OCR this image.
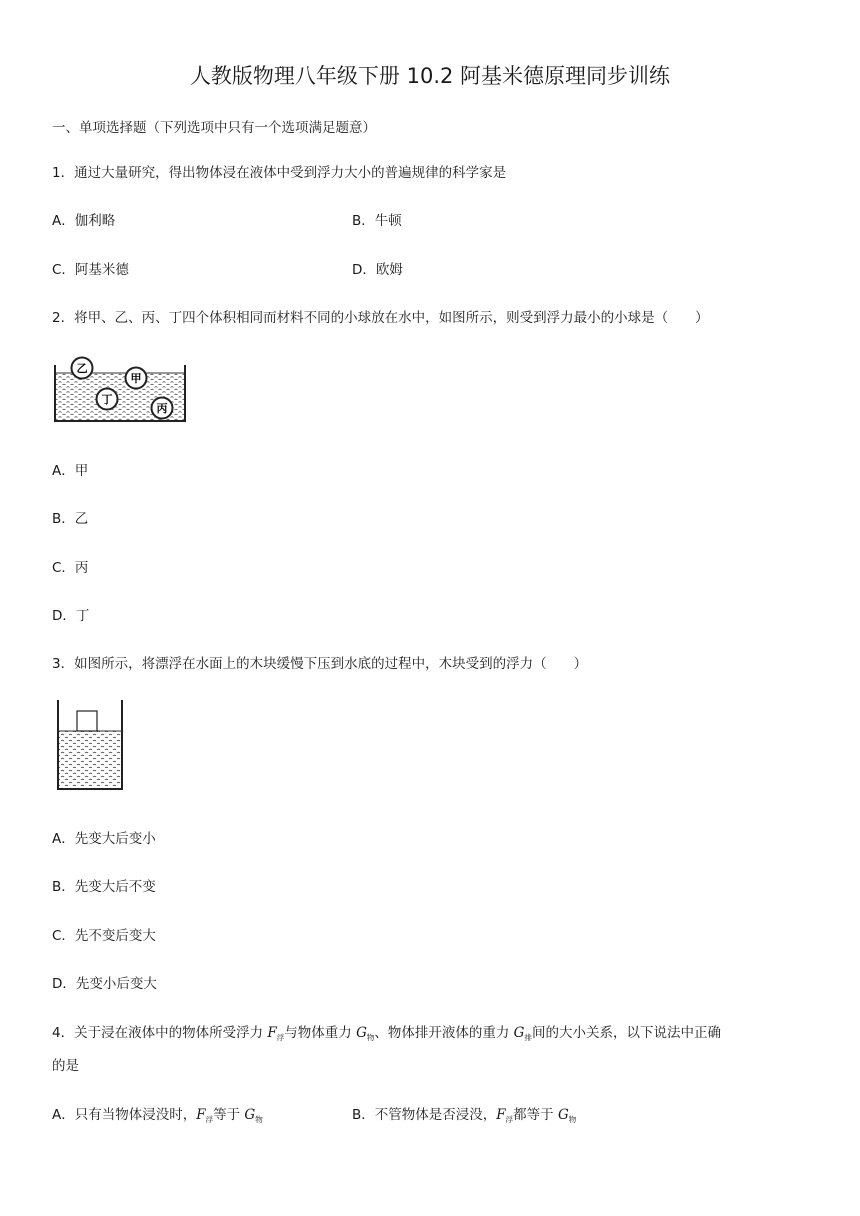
人教版物理八年级下册 10.2 阿基米德原理同步训练
一、单项选择题（下列选项中只有一个选项满足题意）
1．通过大量研究，得出物体浸在液体中受到浮力大小的普遍规律的科学家是
A．伽利略	B．牛顿
C．阿基米德	D．欧姆
2．将甲、乙、丙、丁四个体积相同而材料不同的小球放在水中，如图所示，则受到浮力最小的小球是（　　）
乙
甲
丁
丙
A．甲
B．乙
C．丙
D．丁
3．如图所示，将漂浮在水面上的木块缓慢下压到水底的过程中，木块受到的浮力（　　）
A．先变大后变小
B．先变大后不变
C．先不变后变大
D．先变小后变大
4．关于浸在液体中的物体所受浮力 $F_浮$与物体重力 $G_物$、物体排开液体的重力 $G_排$间的大小关系，以下说法中正确
的是
A．只有当物体浸没时，$F_浮$等于 $G_物$	B．不管物体是否浸没，$F_浮$都等于 $G_物$
